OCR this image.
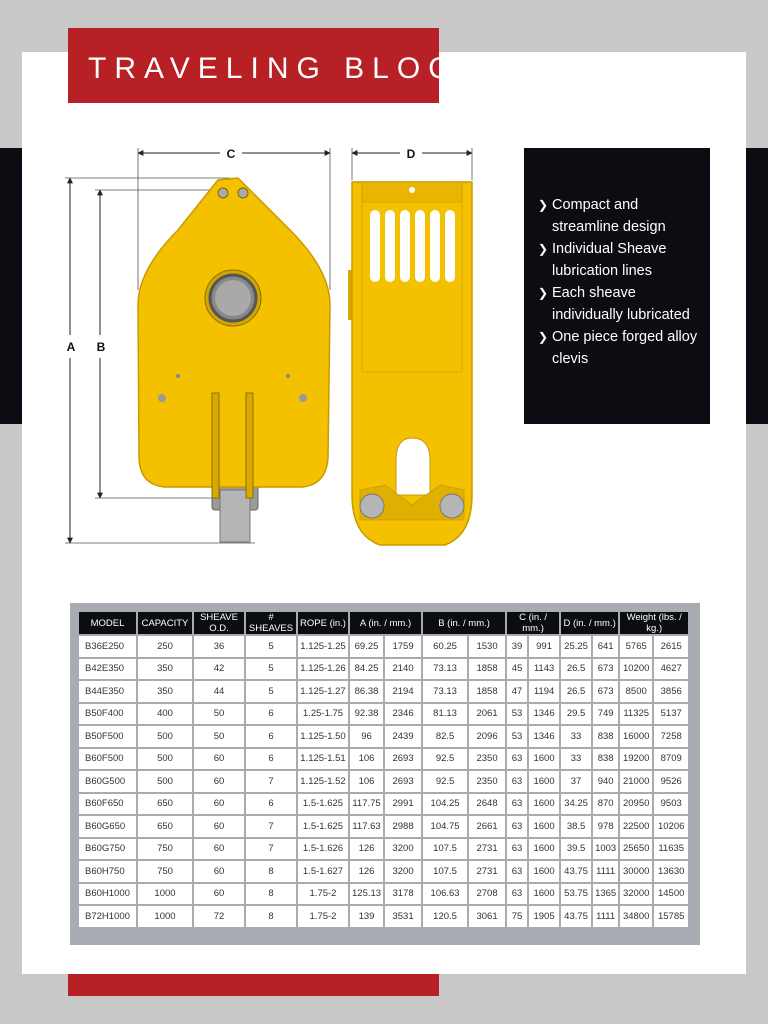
TRAVELING BLOCK
C	D
A B
❯ Compact and streamline design
❯ Individual Sheave lubrication lines
❯ Each sheave individually lubricated
❯ One piece forged alloy clevis
MODEL	CAPACITY	SHEAVE O.D.	# SHEAVES	ROPE (in.)	A (in. / mm.)		B (in. / mm.)		C (in. / mm.)		D (in. / mm.)		Weight (lbs. / kg.)	
B36E250	250	36	5	1.125-1.25	69.25	1759	60.25	1530	39	991	25.25	641	5765	2615
B42E350	350	42	5	1.125-1.26	84.25	2140	73.13	1858	45	1143	26.5	673	10200	4627
B44E350	350	44	5	1.125-1.27	86.38	2194	73.13	1858	47	1194	26.5	673	8500	3856
B50F400	400	50	6	1.25-1.75	92.38	2346	81.13	2061	53	1346	29.5	749	11325	5137
B50F500	500	50	6	1.125-1.50	96	2439	82.5	2096	53	1346	33	838	16000	7258
B60F500	500	60	6	1.125-1.51	106	2693	92.5	2350	63	1600	33	838	19200	8709
B60G500	500	60	7	1.125-1.52	106	2693	92.5	2350	63	1600	37	940	21000	9526
B60F650	650	60	6	1.5-1.625	117.75	2991	104.25	2648	63	1600	34.25	870	20950	9503
B60G650	650	60	7	1.5-1.625	117.63	2988	104.75	2661	63	1600	38.5	978	22500	10206
B60G750	750	60	7	1.5-1.626	126	3200	107.5	2731	63	1600	39.5	1003	25650	11635
B60H750	750	60	8	1.5-1.627	126	3200	107.5	2731	63	1600	43.75	1111	30000	13630
B60H1000	1000	60	8	1.75-2	125.13	3178	106.63	2708	63	1600	53.75	1365	32000	14500
B72H1000	1000	72	8	1.75-2	139	3531	120.5	3061	75	1905	43.75	1111	34800	15785
